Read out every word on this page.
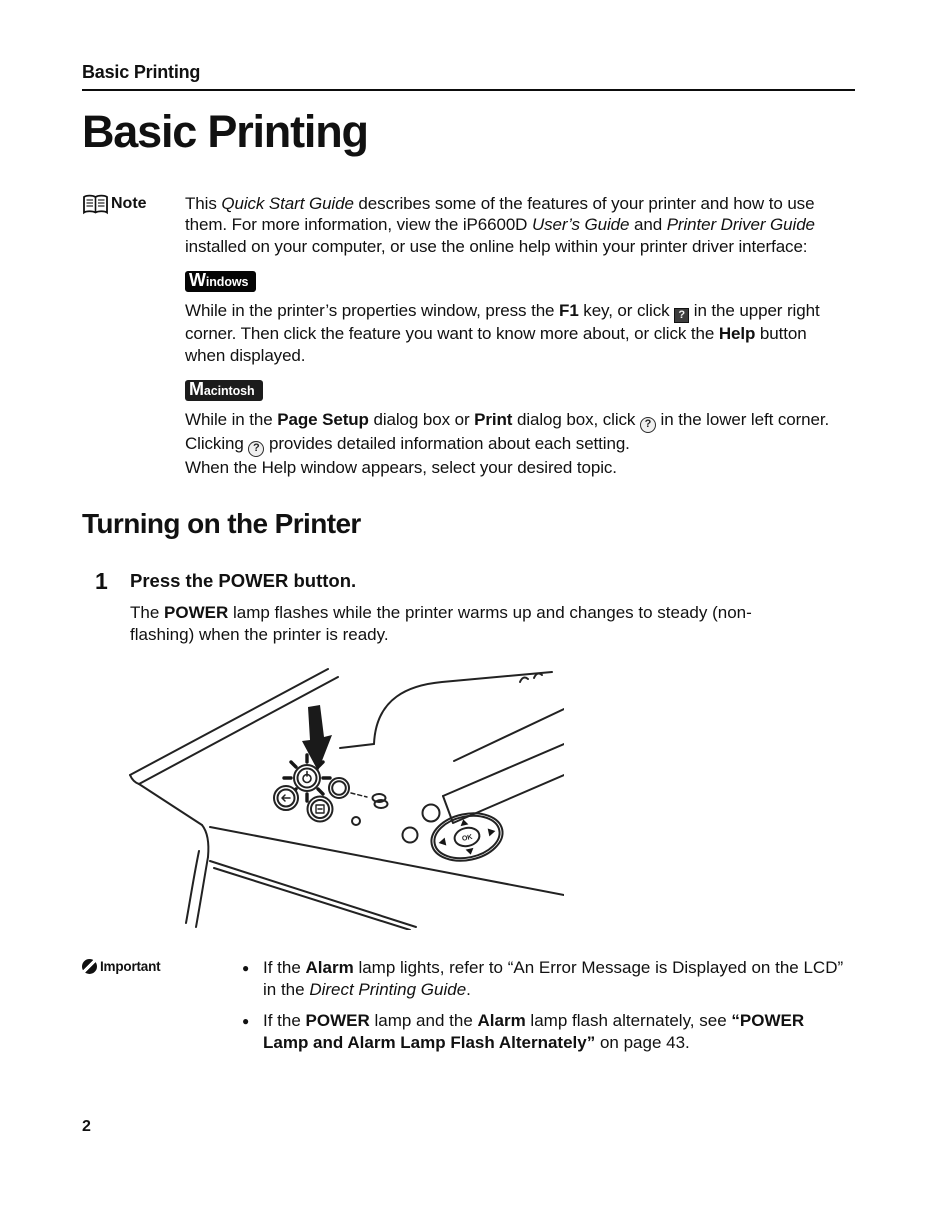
Basic Printing
Basic Printing
Note This Quick Start Guide describes some of the features of your printer and how to use them. For more information, view the iP6600D User’s Guide and Printer Driver Guide installed on your computer, or use the online help within your printer driver interface:
Windows
While in the printer’s properties window, press the F1 key, or click ? in the upper right corner. Then click the feature you want to know more about, or click the Help button when displayed.
Macintosh
While in the Page Setup dialog box or Print dialog box, click ? in the lower left corner.
Clicking ? provides detailed information about each setting.
When the Help window appears, select your desired topic.
Turning on the Printer
1	Press the POWER button.

The POWER lamp flashes while the printer warms up and changes to steady (non-flashing) when the printer is ready.
OK
Important	● If the Alarm lamp lights, refer to “An Error Message is Displayed on the LCD” in the Direct Printing Guide.
● If the POWER lamp and the Alarm lamp flash alternately, see “POWER Lamp and Alarm Lamp Flash Alternately” on page 43.
2
